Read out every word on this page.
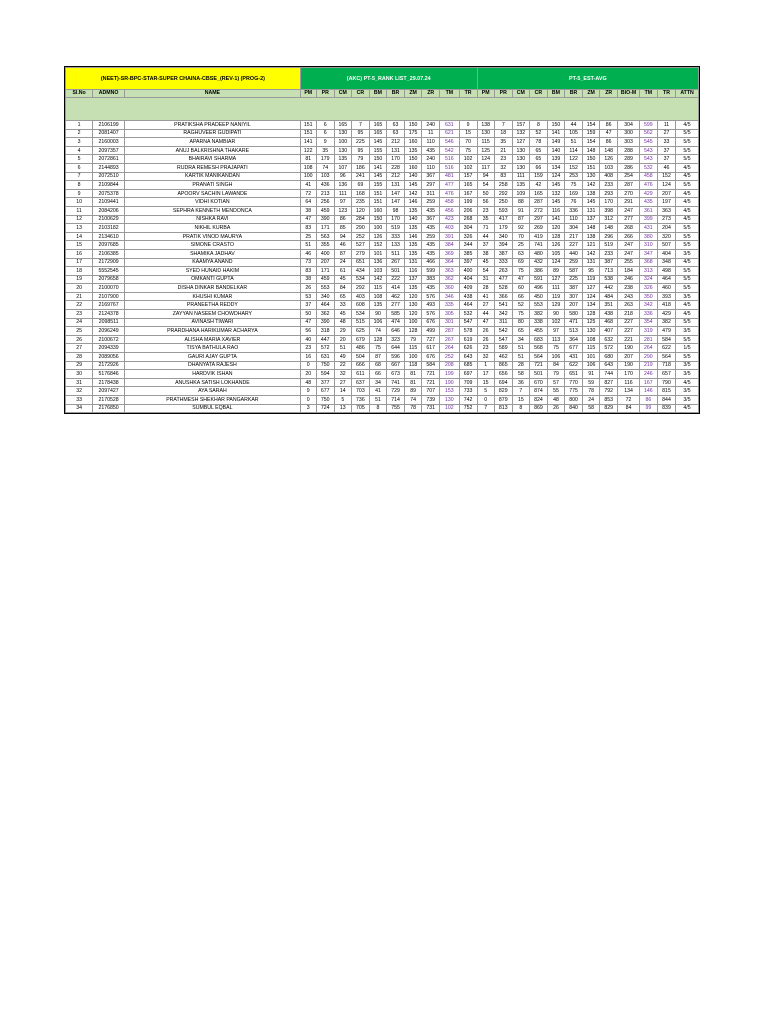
(NEET)-SR-BPC-STAR-SUPER CHAINA-CBSE_(REV-1) (PROG-2)			(AKC) PT-5_RANK LIST_29.07.24										PT-5_EST-AVG											
Sl.No	ADMNO	NAME	PM	PR	CM	CR	BM	BR	ZM	ZR	TM	TR	PM	PR	CM	CR	BM	BR	ZM	ZR	BIO-M	TM	TR	ATTN

1	2106199	PRATIKSHA PRADEEP NANIYIL	151	6	165	7	165	63	150	240	631	9	138	7	157	8	150	44	154	86	304	599	11	4/5
2	2081407	RAGHUVEER GUDIPATI	151	6	130	95	165	63	175	11	621	15	130	18	132	52	141	105	159	47	300	562	27	5/5
3	2160003	APARNA NAMBIAR	141	9	100	225	145	212	160	110	546	70	115	35	127	78	149	51	154	86	303	545	33	5/5
4	2097357	ANUJ BALKRISHNA THAKARE	122	35	130	95	155	131	135	435	542	75	125	21	130	65	140	114	148	148	288	543	37	5/5
5	2072861	BHAIRAVI SHARMA	81	179	135	79	150	170	150	240	516	102	124	23	130	65	139	122	150	126	289	543	37	5/5
6	2144893	RUDRA REMESH PRAJAPATI	108	74	107	186	141	228	160	110	516	102	117	32	130	66	134	152	151	103	286	532	46	4/5
7	2072510	KARTIK MANIKANDAN	100	103	96	241	145	212	140	367	481	157	94	83	111	159	124	253	130	408	254	458	152	4/5
8	2109844	PRANATI SINGH	41	436	136	69	155	131	145	297	477	165	54	258	135	42	145	75	142	233	287	476	124	5/5
9	2075378	APOORV SACHIN LAWANDE	72	213	111	168	151	147	142	311	476	167	50	292	109	165	132	169	138	293	270	429	207	4/5
10	2109441	VIDHI KOTIAN	64	256	97	235	151	147	146	259	458	199	56	250	88	287	145	76	145	170	291	435	197	4/5
11	2084206	SEPHRA KENNETH MENDONCA	38	459	123	120	160	98	135	435	456	206	23	593	91	272	116	336	131	398	247	361	363	4/5
12	2100629	NISHKA RAVI	47	390	86	284	150	170	140	367	423	268	35	417	87	297	141	110	137	312	277	399	273	4/5
13	2103182	NIKHIL KURBA	83	171	85	290	100	519	135	435	403	304	71	179	92	269	120	304	148	148	268	431	204	5/5
14	2134610	PRATIK VINOD MAURYA	25	563	94	252	126	333	146	259	391	326	44	340	70	419	128	217	138	296	266	380	320	5/5
15	2097685	SIMONE CRASTO	51	355	46	527	152	133	135	435	384	344	37	394	25	741	126	227	121	519	247	310	507	5/5
16	2106385	SHAMIKA JADHAV	46	400	87	279	101	511	135	435	369	385	38	387	63	480	105	440	142	233	247	347	404	3/5
17	2172909	KAAMYA ANAND	73	207	24	651	136	267	131	466	364	397	45	333	69	432	124	259	131	387	255	368	348	4/5
18	5552545	SYED HUNAID HAKIM	83	171	61	434	103	501	116	599	363	400	54	263	75	386	89	587	95	713	184	313	498	5/5
19	2079658	OMKANTI GUPTA	38	459	45	534	142	222	137	383	362	404	31	477	47	591	127	225	119	538	246	324	464	5/5
20	2100070	DISHA DINKAR BANDELKAR	26	553	84	292	115	414	135	435	360	409	28	528	60	496	111	387	127	442	238	326	460	5/5
21	2107900	KHUSHI KUMAR	53	340	65	403	108	462	120	576	346	438	41	366	66	450	119	307	124	484	243	350	393	3/5
22	2169767	PRANEETHA REDDY	37	464	33	608	135	277	130	493	335	464	27	541	52	553	129	207	134	351	263	342	418	4/5
23	2124378	ZAYYAN NASEEM CHOWDHARY	50	362	45	534	90	585	120	576	305	532	44	342	75	382	90	580	128	438	218	336	429	4/5
24	2098511	AVINASH TIWARI	47	390	48	515	106	474	100	676	301	547	47	311	80	338	102	471	125	468	227	354	382	5/5
25	2096249	PRARDHANA HARIKUMAR ACHARYA	56	318	29	625	74	646	128	499	287	578	26	542	65	455	97	513	130	407	227	319	479	3/5
26	2100672	ALISHA MARIA XAVIER	40	447	20	679	128	323	79	727	267	619	26	547	34	683	113	364	108	632	221	281	584	5/5
27	2094339	TISYA BATHULA RAO	23	572	51	486	75	644	115	617	264	626	23	589	51	568	75	677	115	572	190	264	622	1/5
28	2089056	GAURI AJAY GUPTA	16	631	49	504	87	596	100	676	252	643	32	462	51	564	106	431	101	680	207	290	564	5/5
29	2172926	DHANYATA RAJESH	0	750	22	666	68	667	118	584	208	685	1	865	28	721	84	622	106	643	190	219	718	3/5
30	5176846	HARDVIK ISHAN	20	594	32	611	66	673	81	721	199	697	17	656	58	501	79	651	91	744	170	246	657	3/5
31	2178438	ANUSHKA SATISH LOKHANDE	48	377	27	637	34	741	81	721	190	709	15	694	36	670	57	770	59	827	116	167	790	4/5
32	2097427	AYA SARAH	9	677	14	703	41	729	89	707	153	733	5	829	7	874	55	775	78	792	134	146	815	3/5
33	2170528	PRATHMESH SHEKHAR PANGARKAR	0	750	5	736	51	714	74	739	130	742	0	879	15	824	48	800	24	853	72	86	844	3/5
34	2176850	SUMBUL EQBAL	3	724	13	705	8	755	78	731	102	752	7	813	8	869	26	840	58	829	84	99	839	4/5
